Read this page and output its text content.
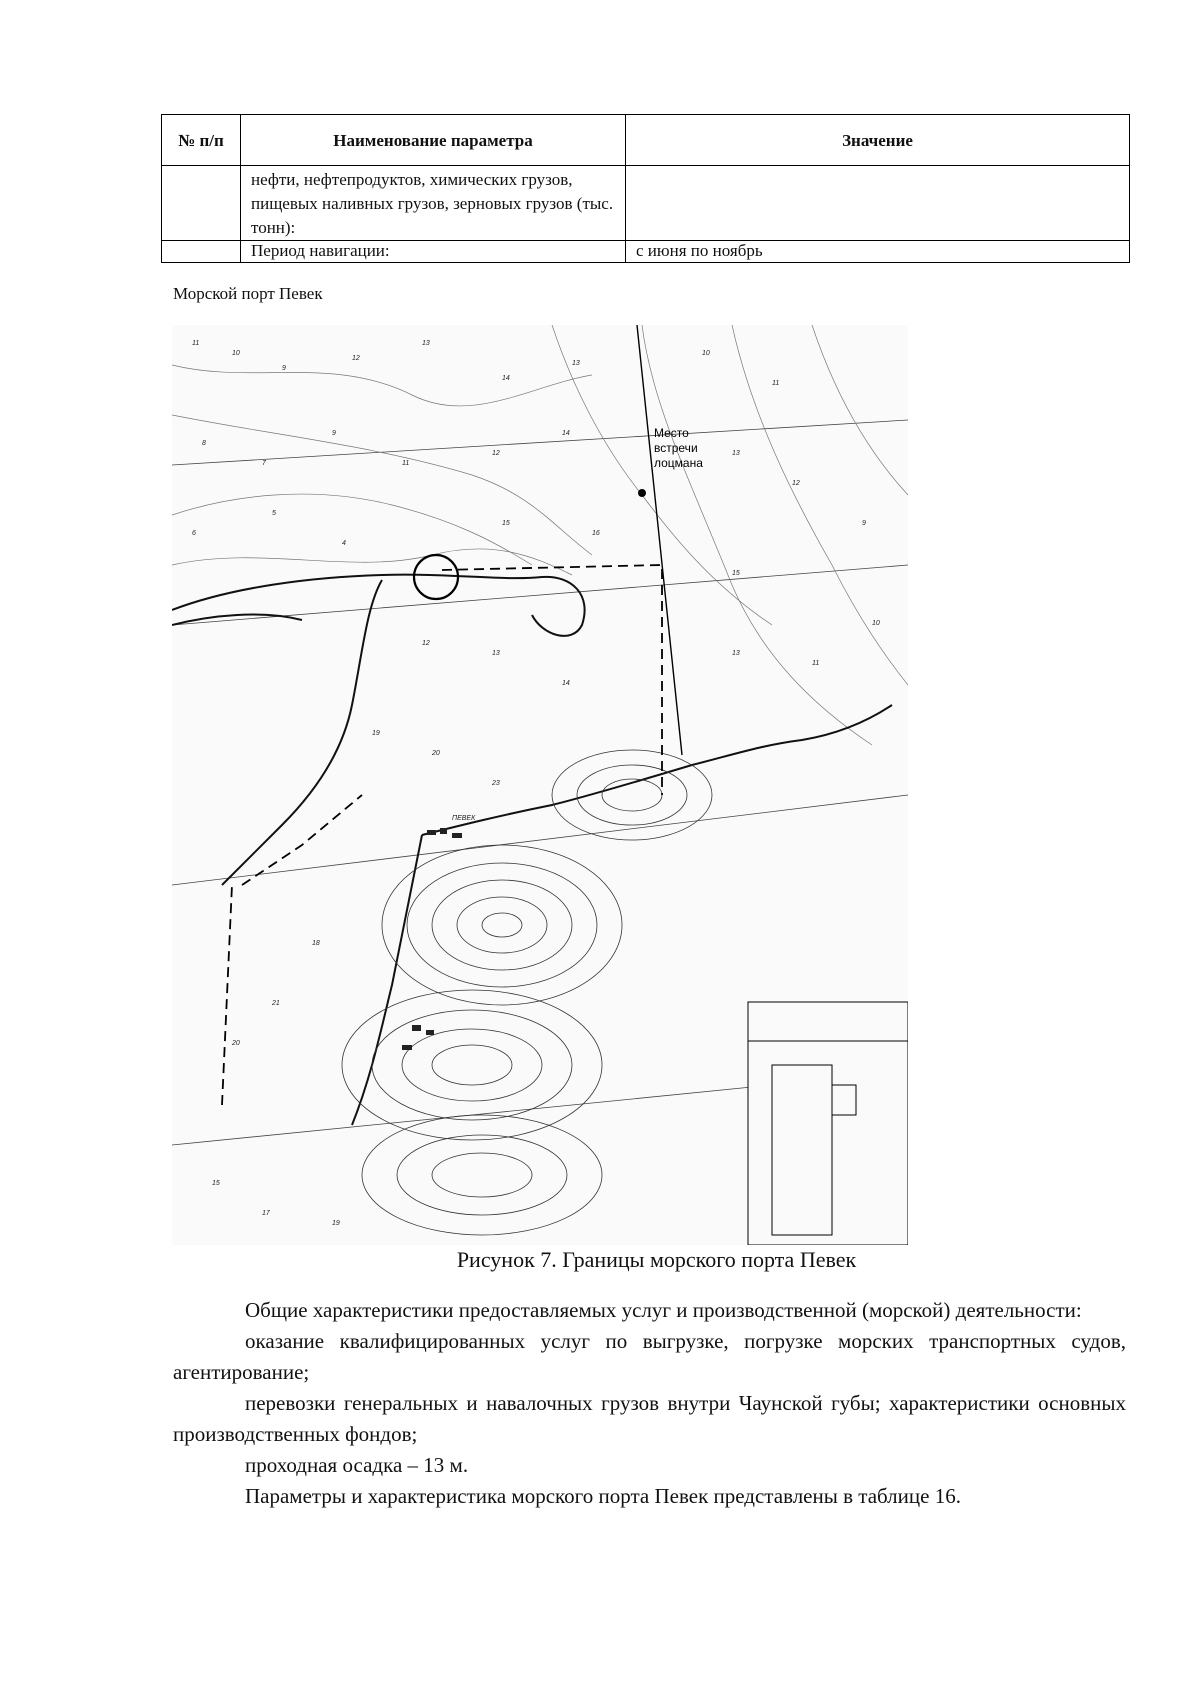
№ п/п	Наименование параметра	Значение
	нефти, нефтепродуктов, химических грузов, пищевых наливных грузов, зерновых грузов (тыс. тонн):	
	Период навигации:	с июня по ноябрь
Морской порт Певек
11
10
9
12
13
14
13
10
11
8
7
9
11
12
14
13
12
9
6
5
4
15
16
15
12
13
14
13
11
10
19
20
23
18
21
20
15
17
19
Место
встречи
лоцмана
ПЕВЕК
Рисунок 7. Границы морского порта Певек

Общие характеристики предоставляемых услуг и производственной (морской) деятельности:

оказание квалифицированных услуг по выгрузке, погрузке морских транспортных судов, агентирование;

перевозки генеральных и навалочных грузов внутри Чаунской губы; характеристики основных производственных фондов;

проходная осадка – 13 м.

Параметры и характеристика морского порта Певек представлены в таблице 16.
